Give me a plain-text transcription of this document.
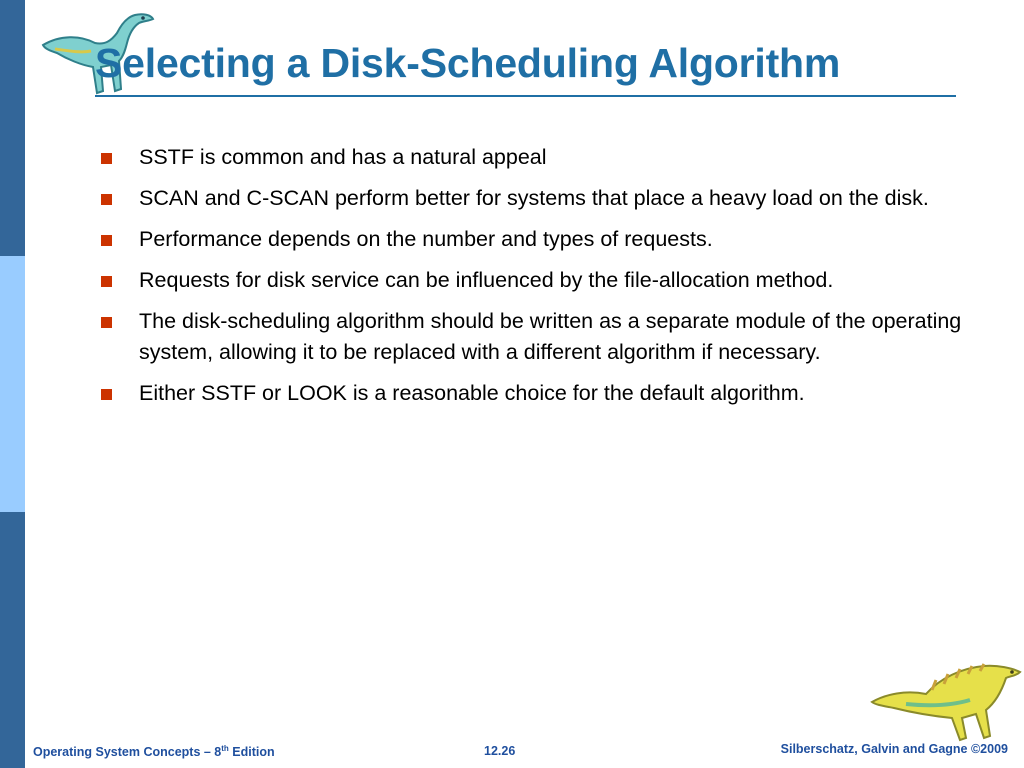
Selecting a Disk-Scheduling Algorithm
SSTF is common and has a natural appeal
SCAN and C-SCAN perform better for systems that place a heavy load on the disk.
Performance depends on the number and types of requests.
Requests for disk service can be influenced by the file-allocation method.
The disk-scheduling algorithm should be written as a separate module of the operating system, allowing it to be replaced with a different algorithm if necessary.
Either SSTF or LOOK is a reasonable choice for the default algorithm.
Operating System Concepts – 8th Edition	12.26	Silberschatz, Galvin and Gagne ©2009
